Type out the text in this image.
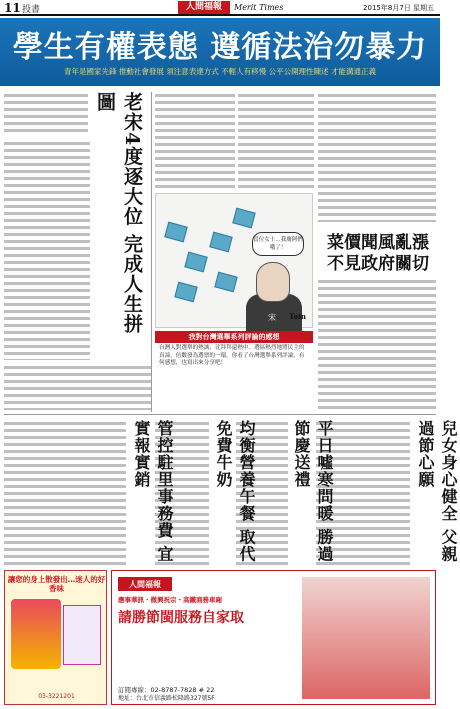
11 投書	人間福報	Merit Times	2015年8月7日 星期五
學生有權表態 遵循法治勿暴力
青年是國家先鋒 推動社會發展 須注意表達方式 不輕人有移慢 公平公開理性陳述 才能溝通正義
老宋4度逐大位 完成人生拼圖
當位女士…我廣阿們哦了！
宋 Toin
我對台灣選舉系列評論的感想
台灣人對選舉的熱誠，比拜拜還熱中。選區熱烈地將民主的真諦，倍數發為選票的一環。你看了台灣選舉系列評論，有何感想，也寫出來分享吧！
菜價聞風亂漲 不見政府關切
兒女身心健全 父親過節心願
平日噓寒問暖 勝過節慶送禮
均衡營養午餐 取代免費牛奶
管控駐里事務費 宜實報實銷
讓您的身上散發出…迷人的好香味
03-3221201
人間福報
應事華訊・微興祝宗・高鐵商務車廂
請勝節閩服務自家取
訂閱專線：02-8787-7828 # 22
地址：台北市信義路松隆路327號5F
